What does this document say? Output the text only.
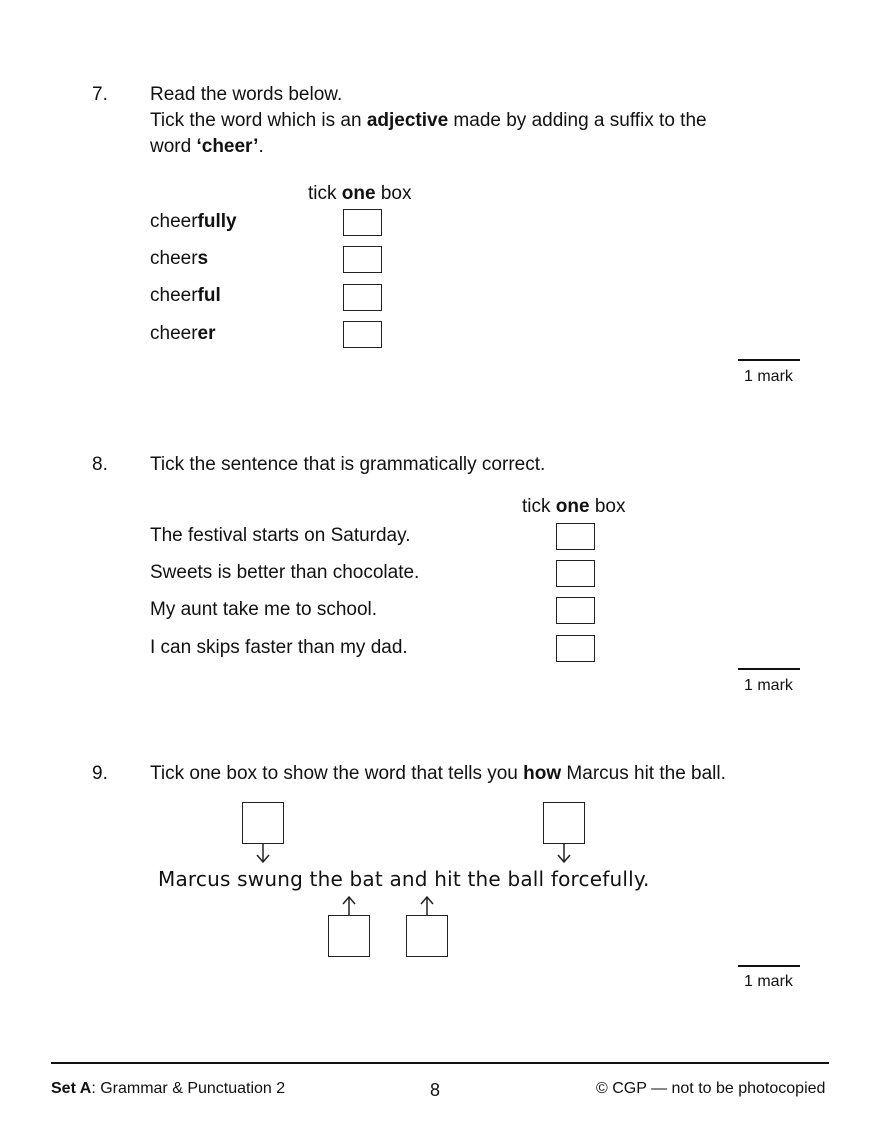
7. Read the words below.
Tick the word which is an adjective made by adding a suffix to the
word ‘cheer’.
tick one box
cheerfully
cheers
cheerful
cheerer
1 mark
8. Tick the sentence that is grammatically correct.
tick one box
The festival starts on Saturday.
Sweets is better than chocolate.
My aunt take me to school.
I can skips faster than my dad.
1 mark
9. Tick one box to show the word that tells you how Marcus hit the ball.
Marcus swung the bat and hit the ball forcefully.
1 mark
Set A: Grammar & Punctuation 2	8	© CGP — not to be photocopied
